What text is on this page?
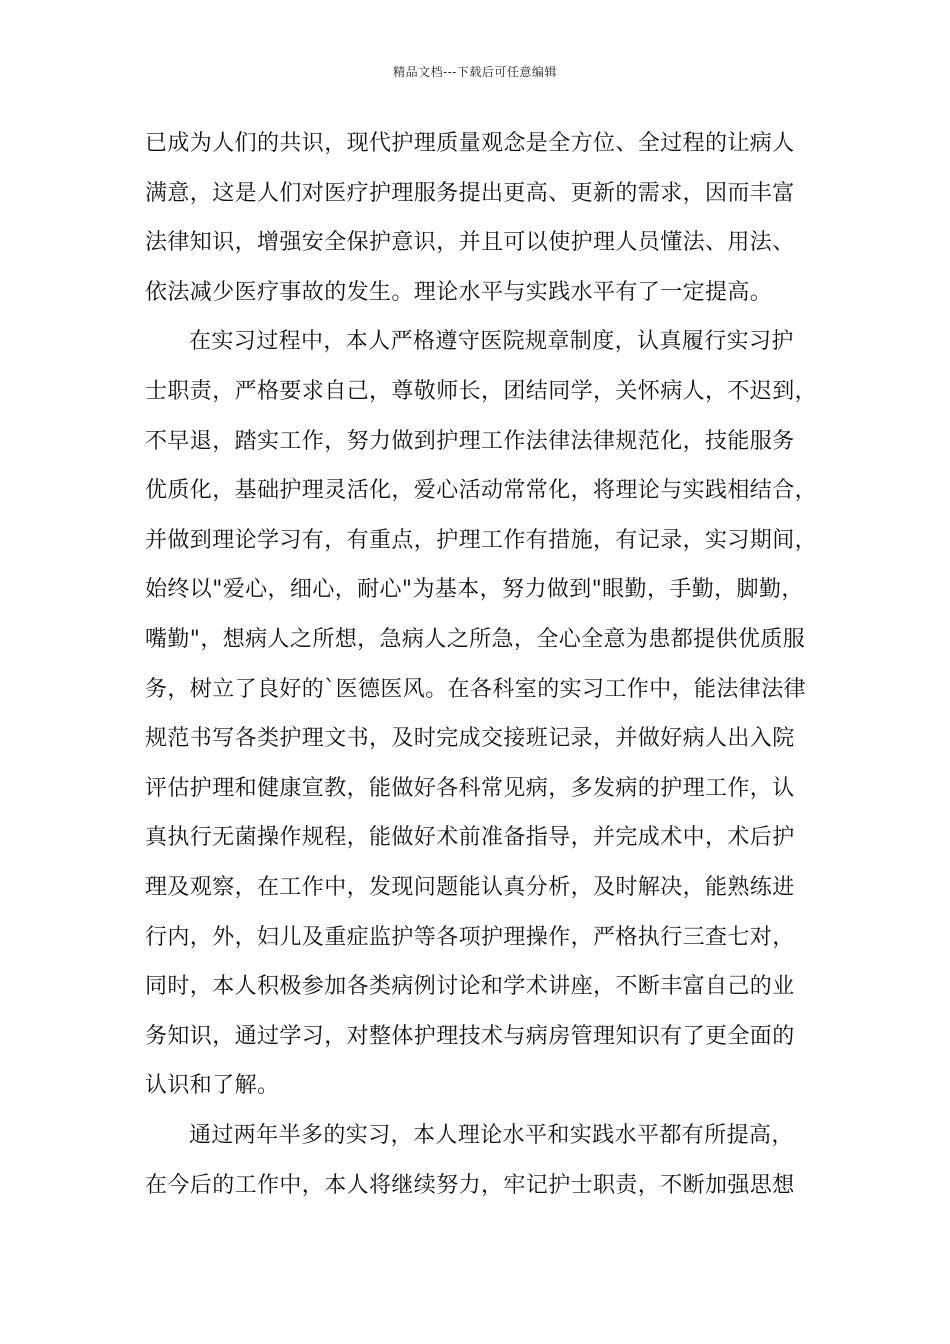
精品文档---下载后可任意编辑
已成为人们的共识，现代护理质量观念是全方位、全过程的让病人
满意，这是人们对医疗护理服务提出更高、更新的需求，因而丰富
法律知识，增强安全保护意识，并且可以使护理人员懂法、用法、
依法减少医疗事故的发生。理论水平与实践水平有了一定提高。
在实习过程中，本人严格遵守医院规章制度，认真履行实习护
士职责，严格要求自己，尊敬师长，团结同学，关怀病人，不迟到，
不早退，踏实工作，努力做到护理工作法律法律规范化，技能服务
优质化，基础护理灵活化，爱心活动常常化，将理论与实践相结合，
并做到理论学习有，有重点，护理工作有措施，有记录，实习期间，
始终以"爱心，细心，耐心"为基本，努力做到"眼勤，手勤，脚勤，
嘴勤"，想病人之所想，急病人之所急，全心全意为患都提供优质服
务，树立了良好的`医德医风。在各科室的实习工作中，能法律法律
规范书写各类护理文书，及时完成交接班记录，并做好病人出入院
评估护理和健康宣教，能做好各科常见病，多发病的护理工作，认
真执行无菌操作规程，能做好术前准备指导，并完成术中，术后护
理及观察，在工作中，发现问题能认真分析，及时解决，能熟练进
行内，外，妇儿及重症监护等各项护理操作，严格执行三查七对，
同时，本人积极参加各类病例讨论和学术讲座，不断丰富自己的业
务知识，通过学习，对整体护理技术与病房管理知识有了更全面的
认识和了解。
通过两年半多的实习，本人理论水平和实践水平都有所提高，
在今后的工作中，本人将继续努力，牢记护士职责，不断加强思想
